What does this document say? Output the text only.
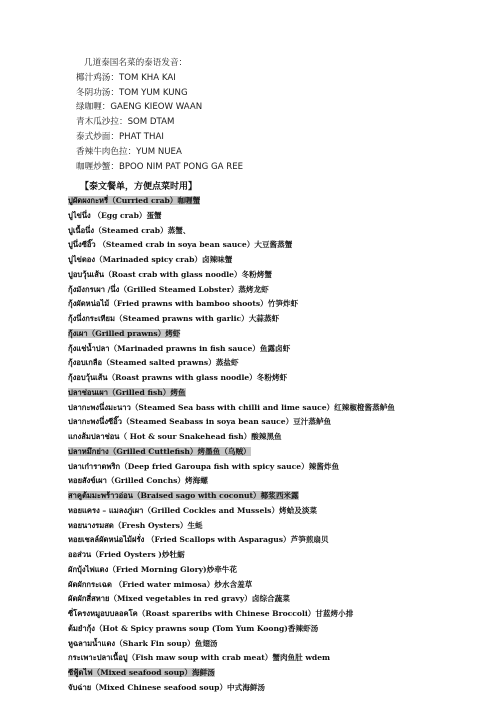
几道泰国名菜的泰语发音：
椰汁鸡汤：TOM KHA KAI
冬阴功汤：TOM YUM KUNG
绿咖喱：GAENG KIEOW WAAN
青木瓜沙拉：SOM DTAM
泰式炒面：PHAT THAI
香辣牛肉色拉：YUM NUEA
咖喱炒蟹：BPOO NIM PAT PONG GA REE
【泰文餐单，方便点菜时用】
ปูผัดผงกะหรี่（Curried crab）咖喱蟹
ปูไข่นึ่ง （Egg crab）蛋蟹
ปูเนื้อนึ่ง（Steamed crab）蒸蟹、
ปูนึ่งซีอิ๊ว （Steamed crab in soya bean sauce）大豆酱蒸蟹
ปูไข่ดอง（Marinaded spicy crab）卤辣味蟹
ปูอบวุ้นเส้น（Roast crab with glass noodle）冬粉烤蟹
กุ้งมังกรเผา /นึ่ง（Grilled Steamed Lobster）蒸烤龙虾
กุ้งผัดหน่อไม้（Fried prawns with bamboo shoots）竹笋炸虾
กุ้งนึ่งกระเทียม（Steamed prawns with garlic）大蒜蒸虾
กุ้งเผา（Grilled prawns）烤虾
กุ้งแช่น้ำปลา（Marinaded prawns in fish sauce）鱼露卤虾
กุ้งอบเกลือ（Steamed salted prawns）蒸盐虾
กุ้งอบวุ้นเส้น（Roast prawns with glass noodle）冬粉烤虾
ปลาช่อนเผา（Grilled fish）烤鱼
ปลากะพงนึ่งมะนาว（Steamed Sea bass with chilli and lime sauce）红辣椒橙酱蒸鲈鱼
ปลากะพงนึ่งซีอิ๊ว（Steamed Seabass in soya bean sauce）豆汁蒸鲈鱼
แกงส้มปลาช่อน（ Hot & sour Snakehead fish）酸辣黑鱼
ปลาหมึกย่าง（Grilled Cuttlefish）烤墨鱼（乌贼）
ปลาเก๋าราดพริก（Deep fried Garoupa fish with spicy sauce）辣酱炸鱼
หอยสังข์เผา（Grilled Conchs）烤海螺
สาคูต้มมะพร้าวอ่อน（Braised sago with coconut）椰浆西米露
หอยแครง – แมลงภู่เผา（Grilled Cockles and Mussels）烤蛤及淡菜
หอยนางรมสด（Fresh Oysters）生蚝
หอยเชลล์ผัดหน่อไม้ฝรั่ง （Fried Scallops with Asparagus）芦笋煎扇贝
ออส่วน（Fried Oysters )炒牡蛎
ผักบุ้งไฟแดง（Fried Morning Glory)炒牵牛花
ผัดผักกระเฉด （Fried water mimosa）炒水含羞草
ผัดผักสี่สหาย（Mixed vegetables in red gravy）卤综合蔬菜
ซี่โครงหมูอบบลอคโค（Roast spareribs with Chinese Broccoli）甘蓝烤小排
ต้มยำกุ้ง（Hot & Spicy prawns soup (Tom Yum Koong)香辣虾汤
หูฉลามน้ำแดง（Shark Fin soup）鱼翅汤
กระเพาะปลาเนื้อปู（Fish maw soup with crab meat）蟹肉鱼肚 wdem
ซีฟู้ดไฟ（Mixed seafood soup）海鲜汤
จับฉ่าย（Mixed Chinese seafood soup）中式海鲜汤
